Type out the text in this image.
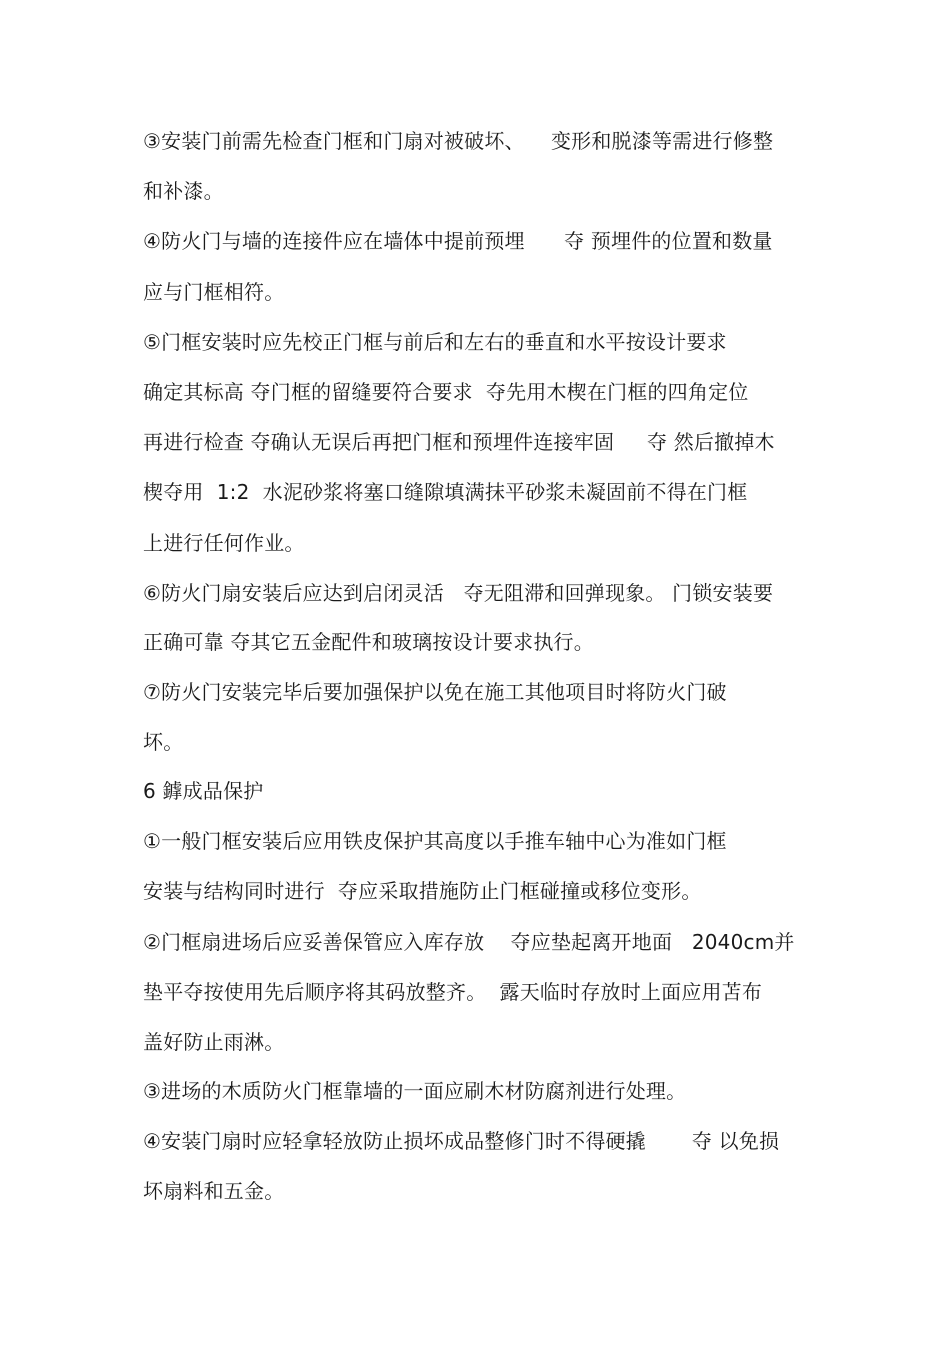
③安装门前需先检查门框和门扇对被破坏、    变形和脱漆等需进行修整
和补漆。
④防火门与墙的连接件应在墙体中提前预埋      夺 预埋件的位置和数量
应与门框相符。
⑤门框安装时应先校正门框与前后和左右的垂直和水平按设计要求
确定其标高 夺门框的留缝要符合要求  夺先用木楔在门框的四角定位
再进行检查 夺确认无误后再把门框和预埋件连接牢固     夺 然后撤掉木
楔夺用  1:2  水泥砂浆将塞口缝隙填满抹平砂浆未凝固前不得在门框
上进行任何作业。
⑥防火门扇安装后应达到启闭灵活   夺无阻滞和回弹现象。 门锁安装要
正确可靠 夺其它五金配件和玻璃按设计要求执行。
⑦防火门安装完毕后要加强保护以免在施工其他项目时将防火门破
坏。
6 鎼成品保护
①一般门框安装后应用铁皮保护其高度以手推车轴中心为准如门框
安装与结构同时进行  夺应采取措施防止门框碰撞或移位变形。
②门框扇进场后应妥善保管应入库存放    夺应垫起离开地面   2040cm并
垫平夺按使用先后顺序将其码放整齐。  露天临时存放时上面应用苫布
盖好防止雨淋。
③进场的木质防火门框靠墙的一面应刷木材防腐剂进行处理。
④安装门扇时应轻拿轻放防止损坏成品整修门时不得硬撬       夺 以免损
坏扇料和五金。
